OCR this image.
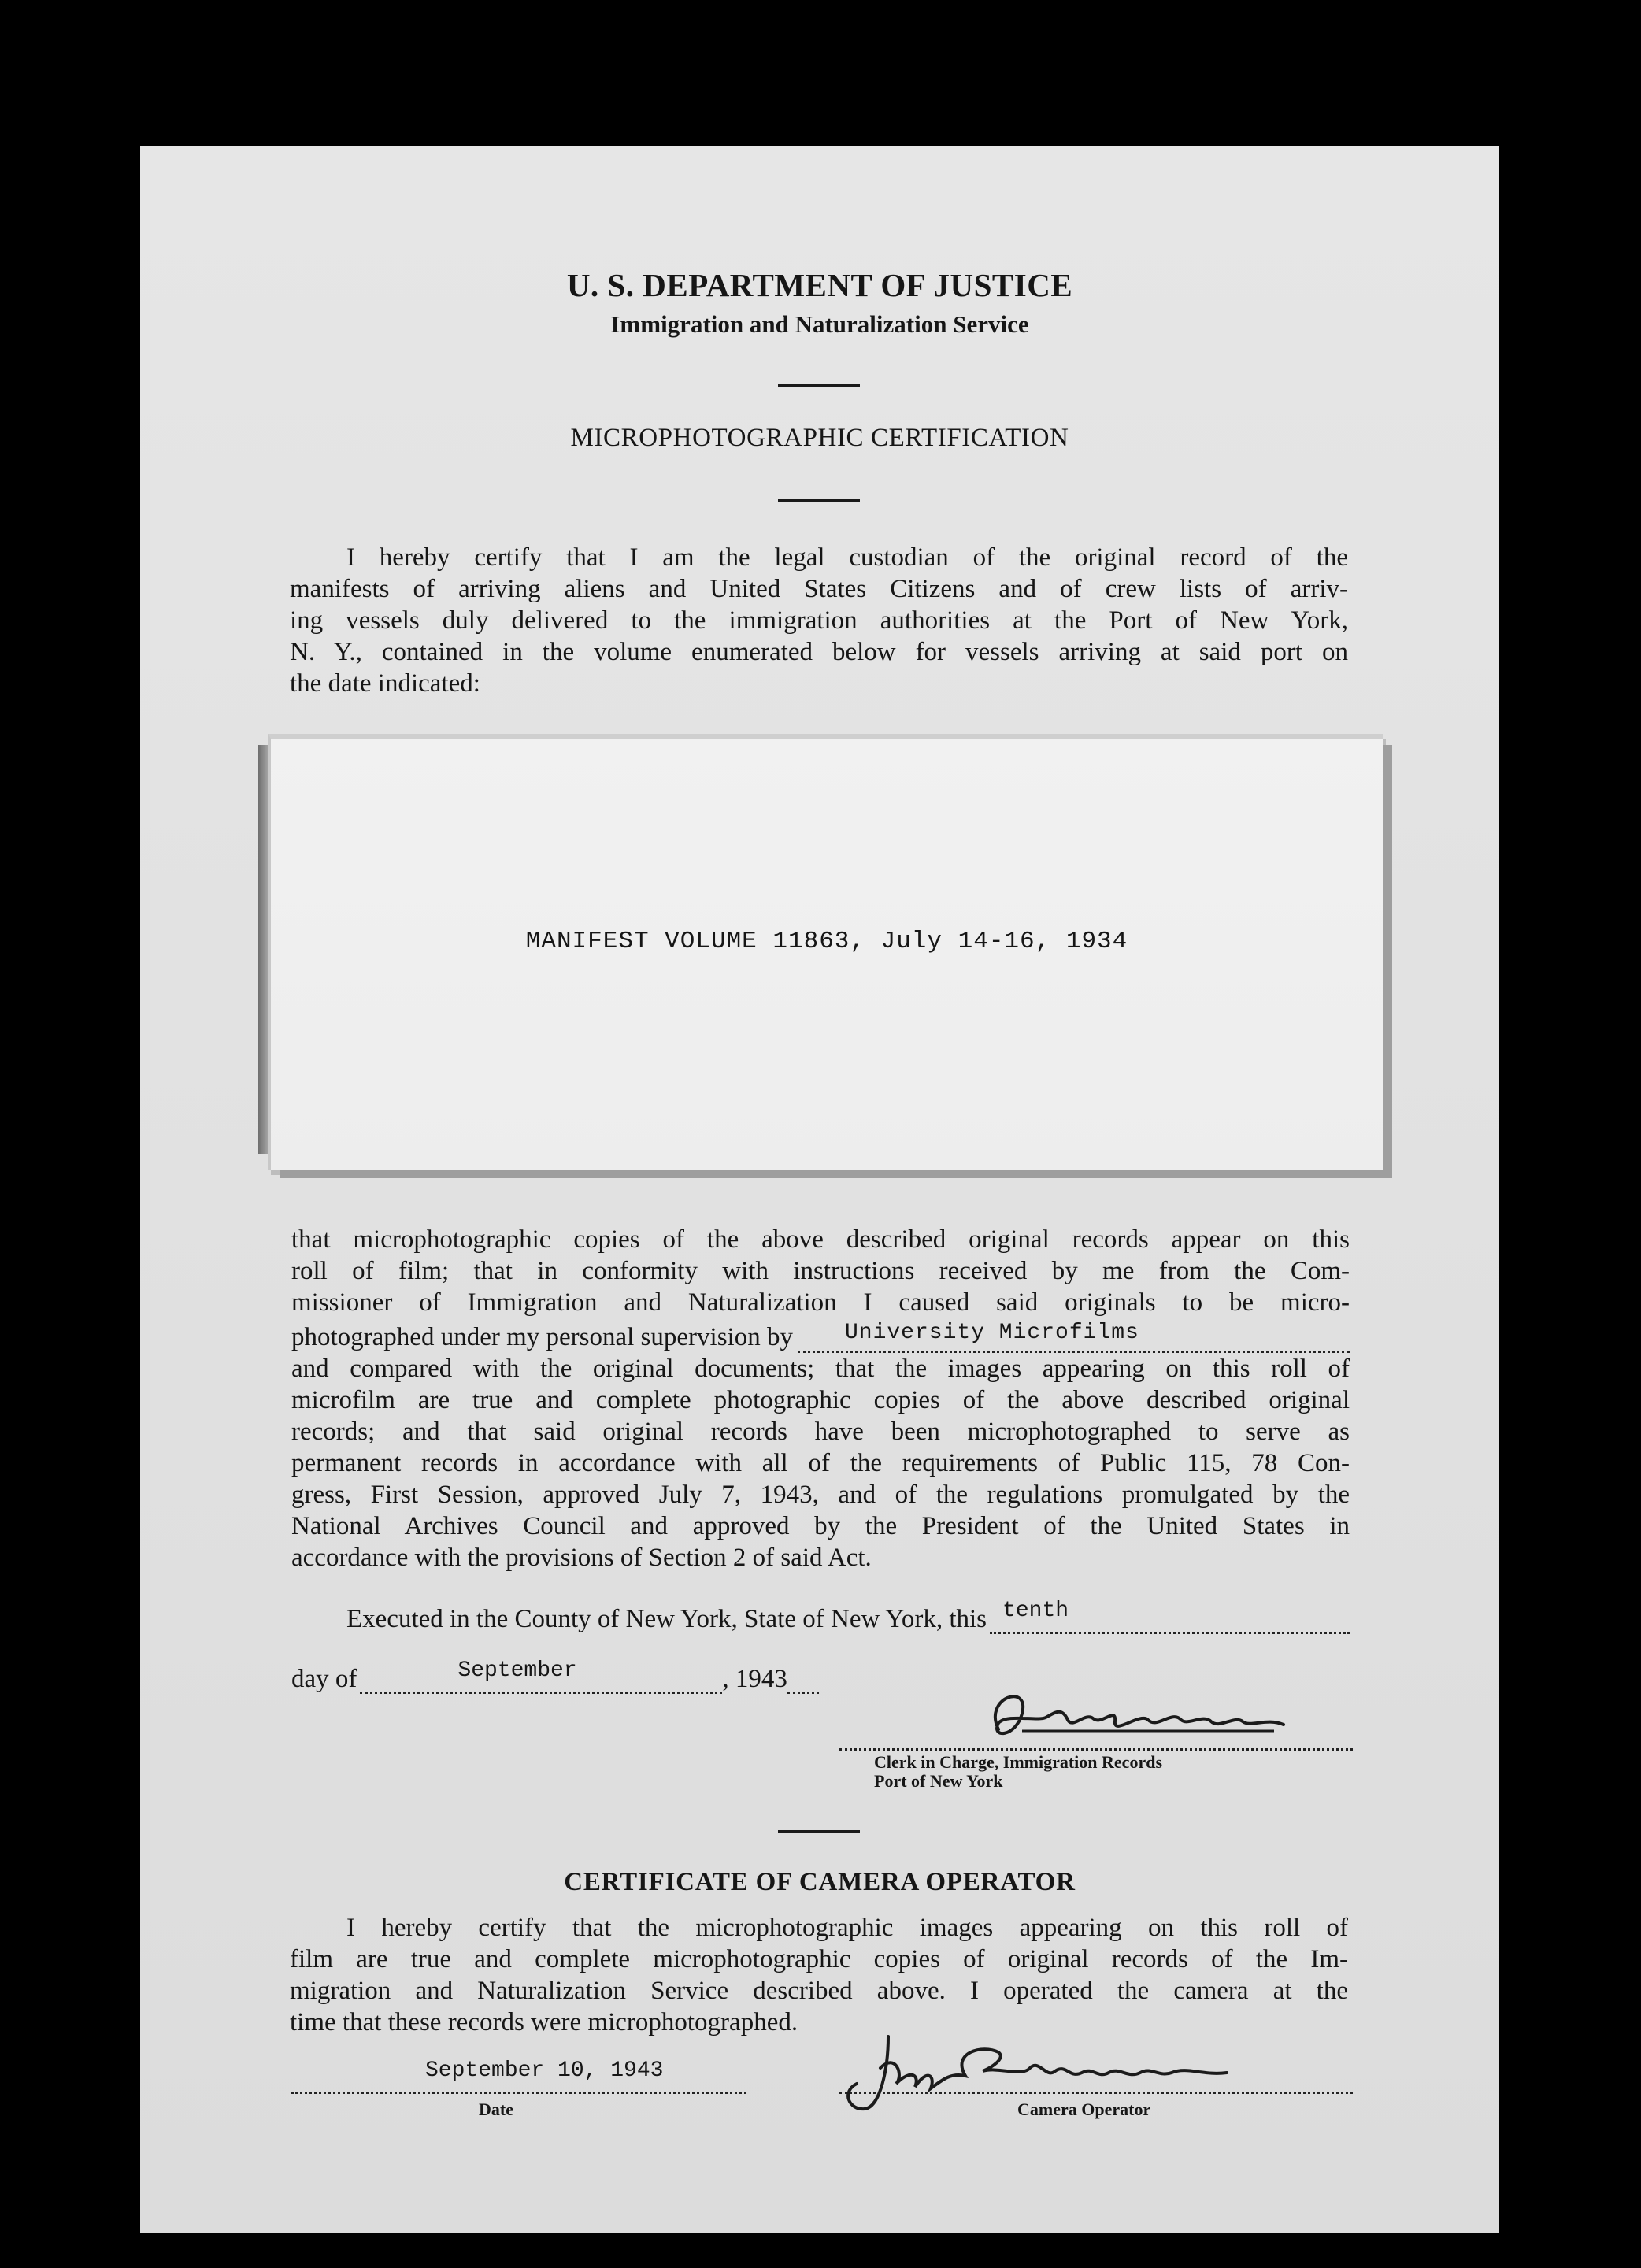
U. S. DEPARTMENT OF JUSTICE
Immigration and Naturalization Service
MICROPHOTOGRAPHIC CERTIFICATION
I hereby certify that I am the legal custodian of the original record of the
manifests of arriving aliens and United States Citizens and of crew lists of arriv-
ing vessels duly delivered to the immigration authorities at the Port of New York,
N. Y., contained in the volume enumerated below for vessels arriving at said port on
the date indicated:
MANIFEST VOLUME 11863, July 14-16, 1934
that microphotographic copies of the above described original records appear on this
roll of film; that in conformity with instructions received by me from the Com-
missioner of Immigration and Naturalization I caused said originals to be micro-
photographed under my personal supervision by University Microfilms
and compared with the original documents; that the images appearing on this roll of
microfilm are true and complete photographic copies of the above described original
records; and that said original records have been microphotographed to serve as
permanent records in accordance with all of the requirements of Public 115, 78 Con-
gress, First Session, approved July 7, 1943, and of the regulations promulgated by the
National Archives Council and approved by the President of the United States in
accordance with the provisions of Section 2 of said Act.
Executed in the County of New York, State of New York, this tenth
day of	September	, 194 3
Clerk in Charge, Immigration Records
Port of New York
CERTIFICATE OF CAMERA OPERATOR
I hereby certify that the microphotographic images appearing on this roll of
film are true and complete microphotographic copies of original records of the Im-
migration and Naturalization Service described above. I operated the camera at the
time that these records were microphotographed.
September 10, 1943
Date	Camera Operator
